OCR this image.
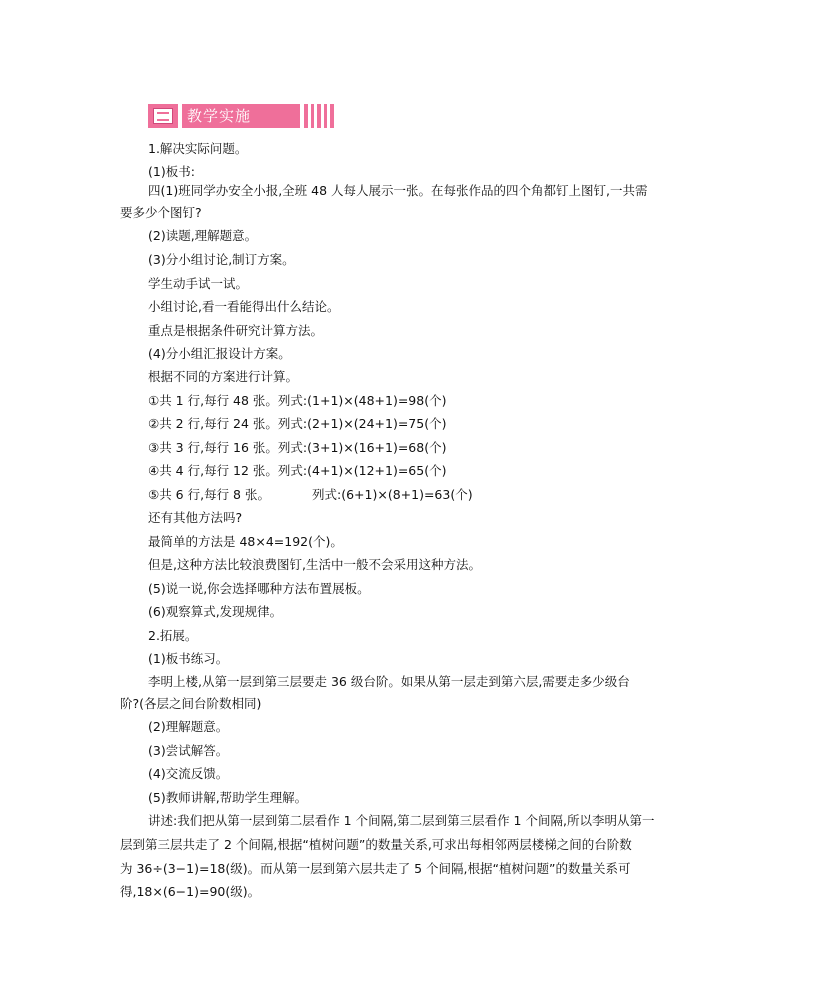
教学实施
1.解决实际问题。
(1)板书:
四(1)班同学办安全小报,全班 48 人每人展示一张。在每张作品的四个角都钉上图钉,一共需
要多少个图钉?
(2)读题,理解题意。
(3)分小组讨论,制订方案。
学生动手试一试。
小组讨论,看一看能得出什么结论。
重点是根据条件研究计算方法。
(4)分小组汇报设计方案。
根据不同的方案进行计算。
①共 1 行,每行 48 张。列式:(1+1)×(48+1)=98(个)
②共 2 行,每行 24 张。列式:(2+1)×(24+1)=75(个)
③共 3 行,每行 16 张。列式:(3+1)×(16+1)=68(个)
④共 4 行,每行 12 张。列式:(4+1)×(12+1)=65(个)
⑤共 6 行,每行 8 张。	列式:(6+1)×(8+1)=63(个)
还有其他方法吗?
最简单的方法是 48×4=192(个)。
但是,这种方法比较浪费图钉,生活中一般不会采用这种方法。
(5)说一说,你会选择哪种方法布置展板。
(6)观察算式,发现规律。
2.拓展。
(1)板书练习。
李明上楼,从第一层到第三层要走 36 级台阶。如果从第一层走到第六层,需要走多少级台
阶?(各层之间台阶数相同)
(2)理解题意。
(3)尝试解答。
(4)交流反馈。
(5)教师讲解,帮助学生理解。
讲述:我们把从第一层到第二层看作 1 个间隔,第二层到第三层看作 1 个间隔,所以李明从第一
层到第三层共走了 2 个间隔,根据“植树问题”的数量关系,可求出每相邻两层楼梯之间的台阶数
为 36÷(3−1)=18(级)。而从第一层到第六层共走了 5 个间隔,根据“植树问题”的数量关系可
得,18×(6−1)=90(级)。
